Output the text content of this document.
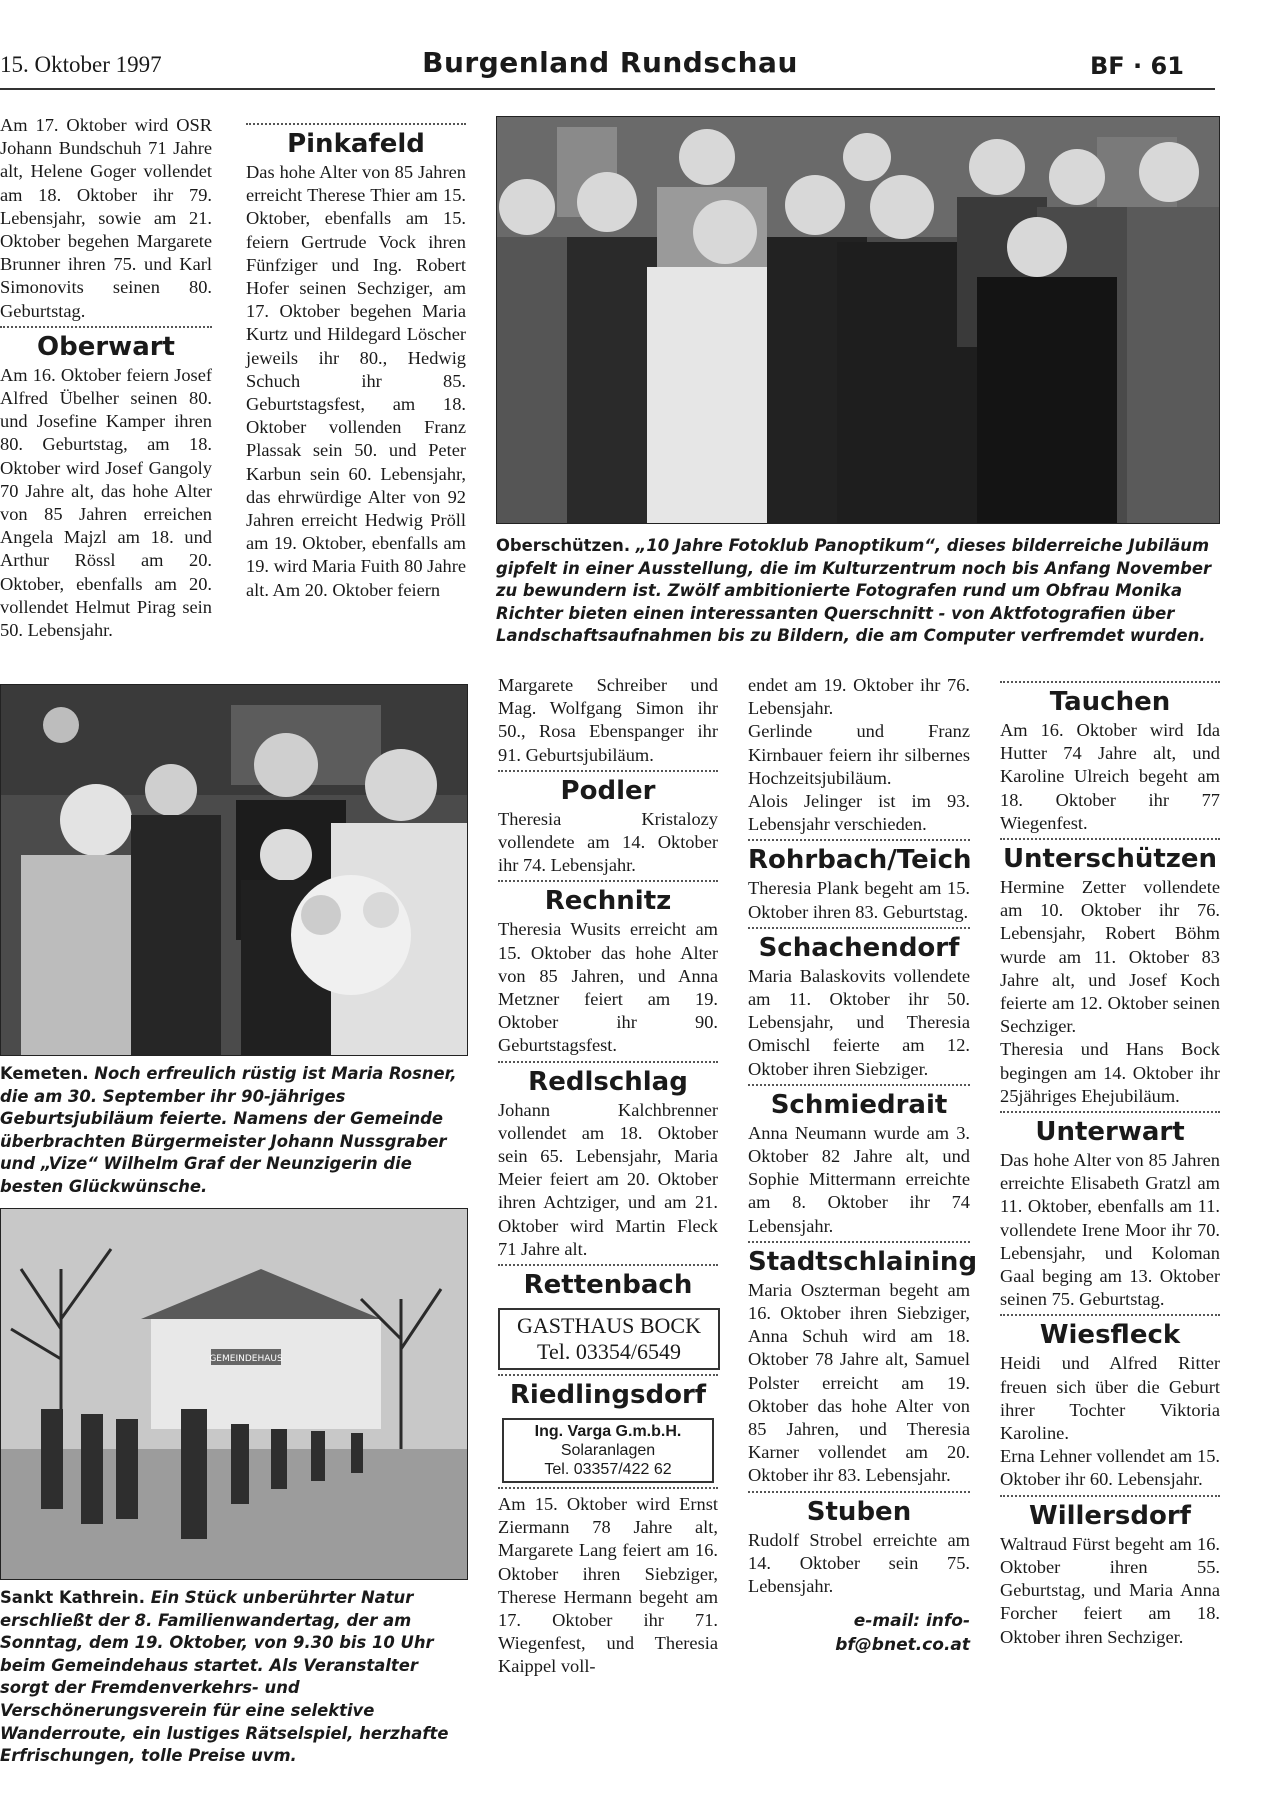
15. Oktober 1997	Burgenland Rundschau	BF · 61

Am 17. Oktober wird OSR Johann Bundschuh 71 Jahre alt, Helene Goger vollendet am 18. Oktober ihr 79. Lebensjahr, sowie am 21. Oktober begehen Margarete Brunner ihren 75. und Karl Simonovits seinen 80. Geburtstag.

Oberwart

Am 16. Oktober feiern Josef Alfred Übelher seinen 80. und Josefine Kamper ihren 80. Geburtstag, am 18. Oktober wird Josef Gangoly 70 Jahre alt, das hohe Alter von 85 Jahren erreichen Angela Majzl am 18. und Arthur Rössl am 20. Oktober, ebenfalls am 20. vollendet Helmut Pirag sein 50. Lebensjahr.

Pinkafeld

Das hohe Alter von 85 Jahren erreicht Therese Thier am 15. Oktober, ebenfalls am 15. feiern Gertrude Vock ihren Fünfziger und Ing. Robert Hofer seinen Sechziger, am 17. Oktober begehen Maria Kurtz und Hildegard Löscher jeweils ihr 80., Hedwig Schuch ihr 85. Geburtstagsfest, am 18. Oktober vollenden Franz Plassak sein 50. und Peter Karbun sein 60. Lebensjahr, das ehrwürdige Alter von 92 Jahren erreicht Hedwig Pröll am 19. Oktober, ebenfalls am 19. wird Maria Fuith 80 Jahre alt. Am 20. Oktober feiern

Oberschützen. „10 Jahre Fotoklub Panoptikum“, dieses bilderreiche Jubiläum gipfelt in einer Ausstellung, die im Kulturzentrum noch bis Anfang November zu bewundern ist. Zwölf ambitionierte Fotografen rund um Obfrau Monika Richter bieten einen interessanten Querschnitt - von Aktfotografien über Landschaftsaufnahmen bis zu Bildern, die am Computer verfremdet wurden.
Kemeten. Noch erfreulich rüstig ist Maria Rosner, die am 30. September ihr 90-jähriges Geburtsjubiläum feierte. Namens der Gemeinde überbrachten Bürgermeister Johann Nussgraber und „Vize“ Wilhelm Graf der Neunzigerin die besten Glückwünsche.
GEMEINDEHAUS
Sankt Kathrein. Ein Stück unberührter Natur erschließt der 8. Familienwandertag, der am Sonntag, dem 19. Oktober, von 9.30 bis 10 Uhr beim Gemeindehaus startet. Als Veranstalter sorgt der Fremdenverkehrs- und Verschönerungsverein für eine selektive Wanderroute, ein lustiges Rätselspiel, herzhafte Erfrischungen, tolle Preise uvm.

Margarete Schreiber und Mag. Wolfgang Simon ihr 50., Rosa Ebenspanger ihr 91. Geburtsjubiläum.

Podler

Theresia Kristalozy vollendete am 14. Oktober ihr 74. Lebensjahr.

Rechnitz

Theresia Wusits erreicht am 15. Oktober das hohe Alter von 85 Jahren, und Anna Metzner feiert am 19. Oktober ihr 90. Geburtstagsfest.

Redlschlag

Johann Kalchbrenner vollendet am 18. Oktober sein 65. Lebensjahr, Maria Meier feiert am 20. Oktober ihren Achtziger, und am 21. Oktober wird Martin Fleck 71 Jahre alt.

Rettenbach
GASTHAUS BOCK
Tel. 03354/6549
Riedlingsdorf
Ing. Varga G.m.b.H.
Solaranlagen
Tel. 03357/422 62

Am 15. Oktober wird Ernst Ziermann 78 Jahre alt, Margarete Lang feiert am 16. Oktober ihren Siebziger, Therese Hermann begeht am 17. Oktober ihr 71. Wiegenfest, und Theresia Kaippel voll-

endet am 19. Oktober ihr 76. Lebensjahr.

Gerlinde und Franz Kirnbauer feiern ihr silbernes Hochzeitsjubiläum.

Alois Jelinger ist im 93. Lebensjahr verschieden.

Rohrbach/Teich

Theresia Plank begeht am 15. Oktober ihren 83. Geburtstag.

Schachendorf

Maria Balaskovits vollendete am 11. Oktober ihr 50. Lebensjahr, und Theresia Omischl feierte am 12. Oktober ihren Siebziger.

Schmiedrait

Anna Neumann wurde am 3. Oktober 82 Jahre alt, und Sophie Mittermann erreichte am 8. Oktober ihr 74 Lebensjahr.

Stadtschlaining

Maria Oszterman begeht am 16. Oktober ihren Siebziger, Anna Schuh wird am 18. Oktober 78 Jahre alt, Samuel Polster erreicht am 19. Oktober das hohe Alter von 85 Jahren, und Theresia Karner vollendet am 20. Oktober ihr 83. Lebensjahr.

Stuben

Rudolf Strobel erreichte am 14. Oktober sein 75. Lebensjahr.

e-mail: info-bf@bnet.co.at
Tauchen

Am 16. Oktober wird Ida Hutter 74 Jahre alt, und Karoline Ulreich begeht am 18. Oktober ihr 77 Wiegenfest.

Unterschützen

Hermine Zetter vollendete am 10. Oktober ihr 76. Lebensjahr, Robert Böhm wurde am 11. Oktober 83 Jahre alt, und Josef Koch feierte am 12. Oktober seinen Sechziger.

Theresia und Hans Bock begingen am 14. Oktober ihr 25jähriges Ehejubiläum.

Unterwart

Das hohe Alter von 85 Jahren erreichte Elisabeth Gratzl am 11. Oktober, ebenfalls am 11. vollendete Irene Moor ihr 70. Lebensjahr, und Koloman Gaal beging am 13. Oktober seinen 75. Geburtstag.

Wiesfleck

Heidi und Alfred Ritter freuen sich über die Geburt ihrer Tochter Viktoria Karoline.

Erna Lehner vollendet am 15. Oktober ihr 60. Lebensjahr.

Willersdorf

Waltraud Fürst begeht am 16. Oktober ihren 55. Geburtstag, und Maria Anna Forcher feiert am 18. Oktober ihren Sechziger.
